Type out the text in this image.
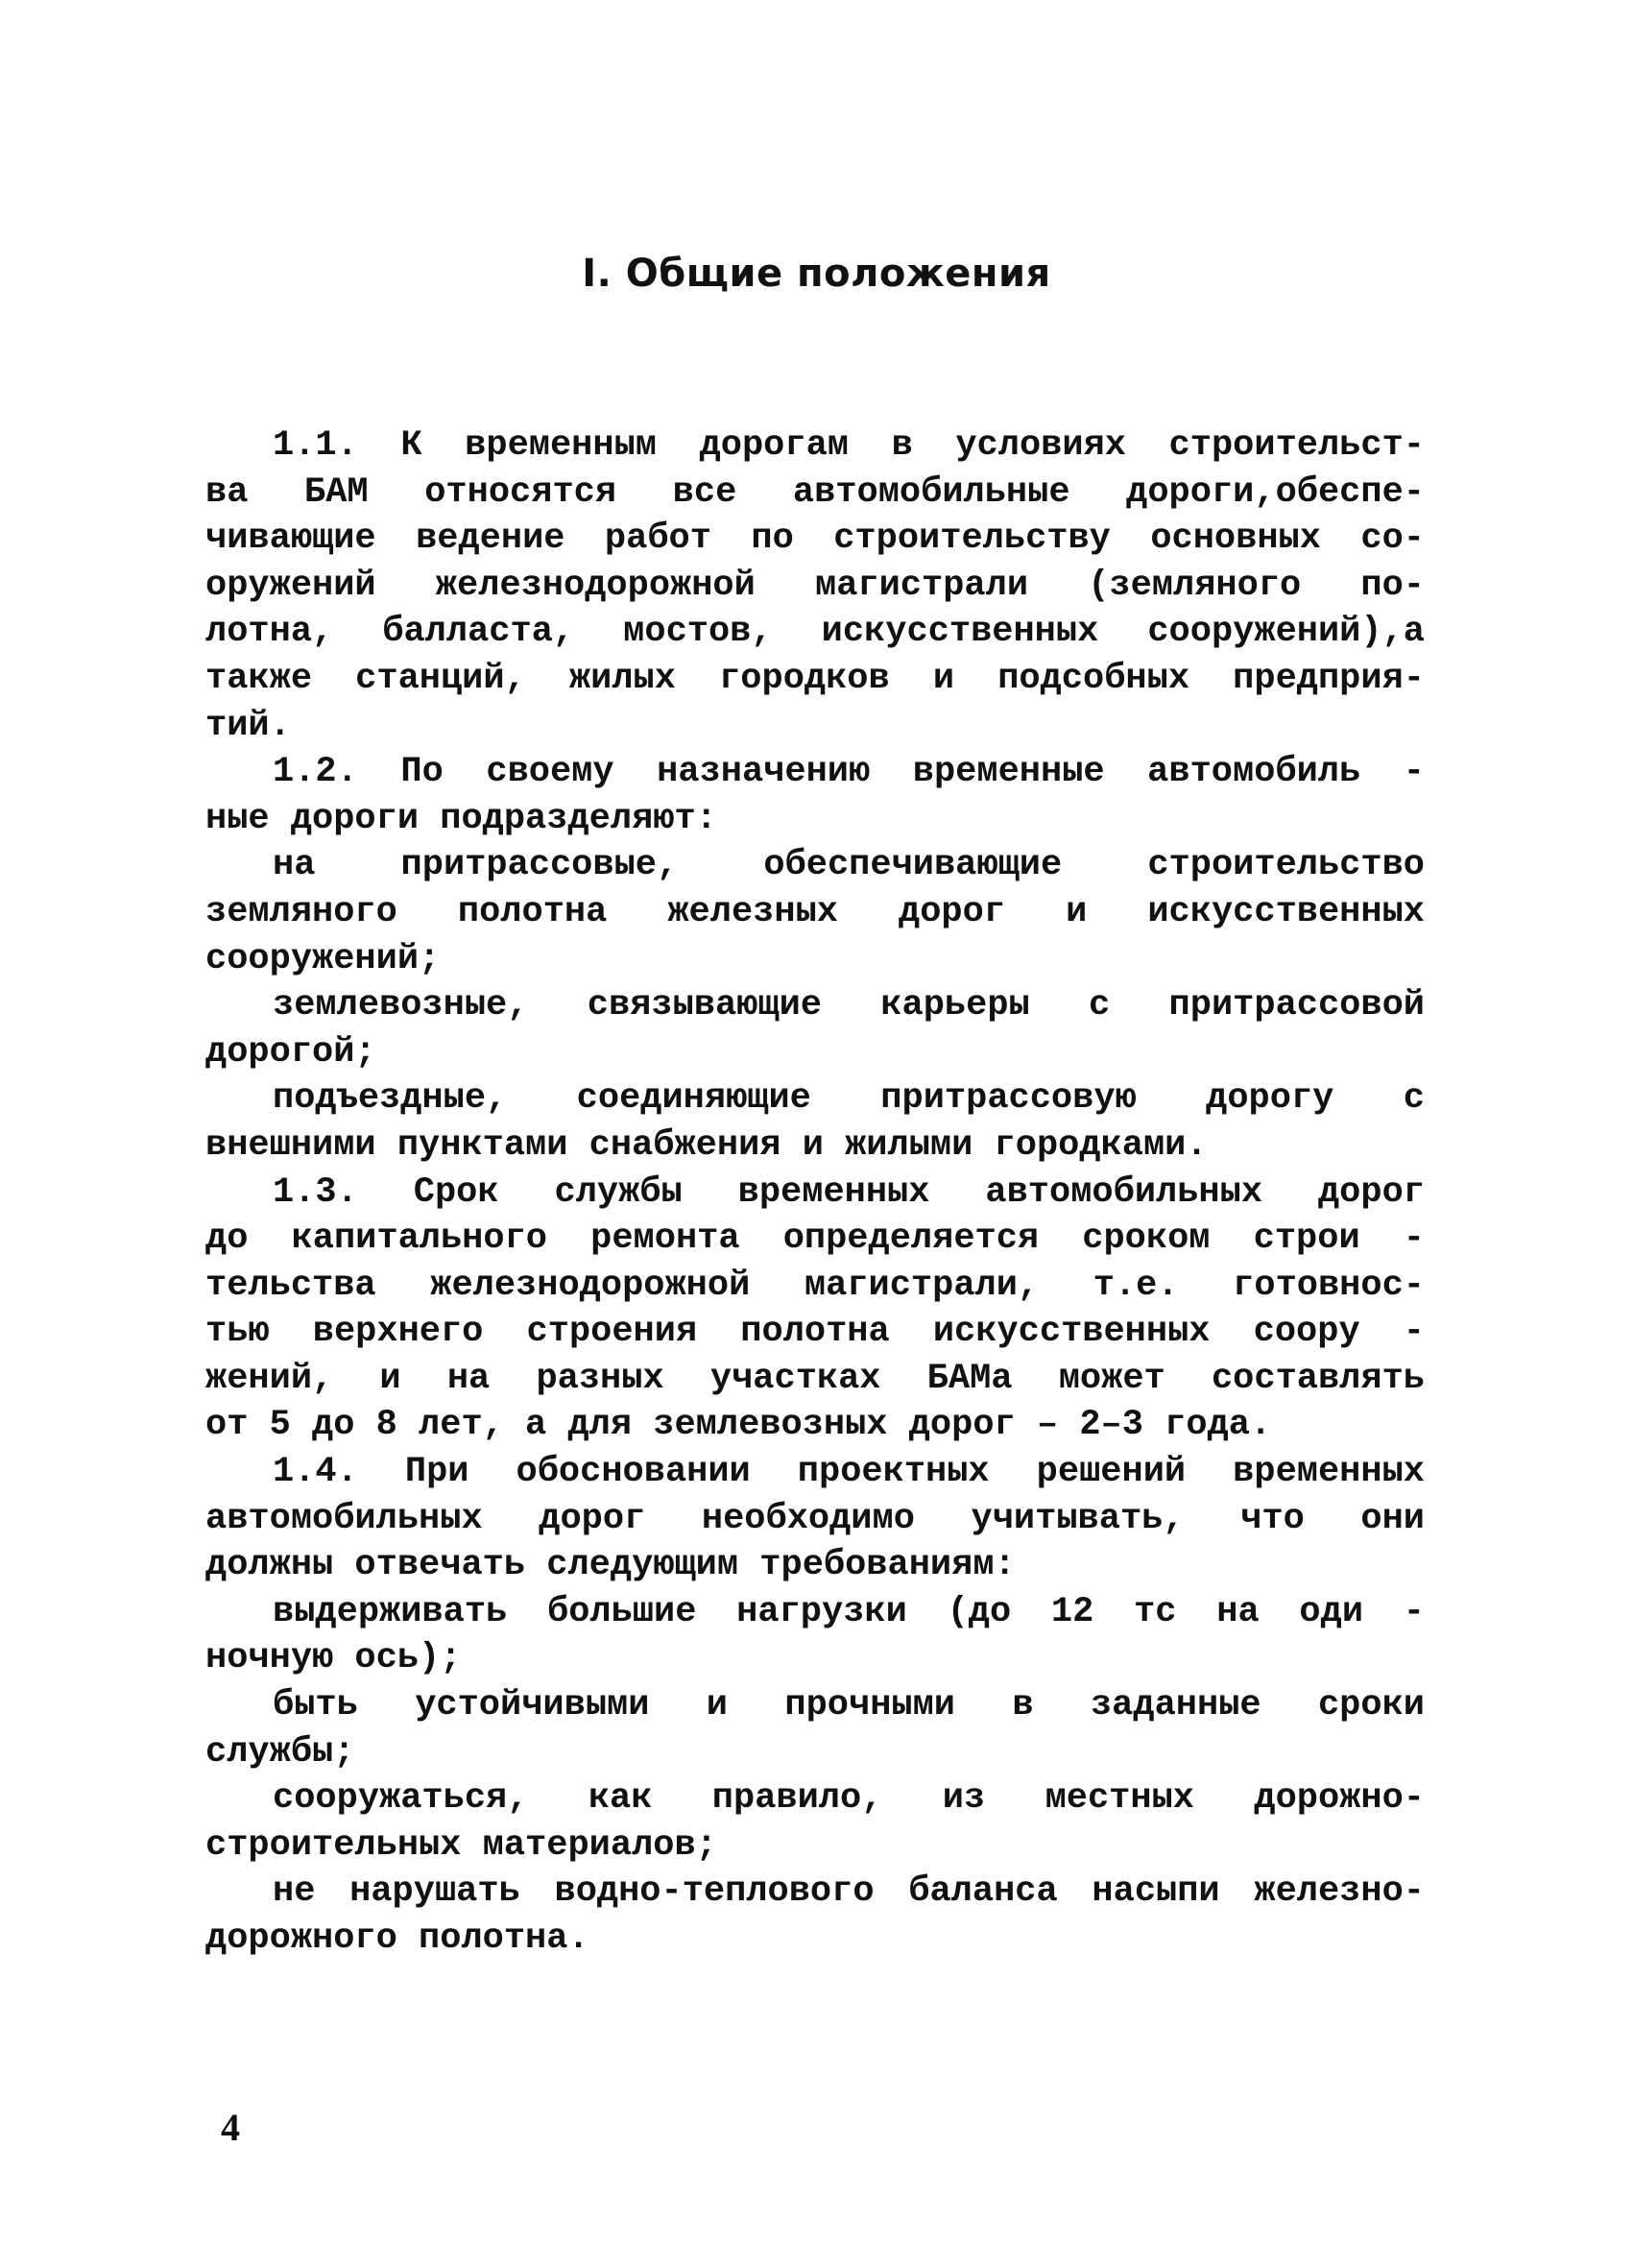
I. Общие положения
1.1. К временным дорогам в условиях строительст-
ва БАМ относятся все автомобильные дороги,обеспе-
чивающие ведение работ по строительству основных со-
оружений железнодорожной магистрали (земляного по-
лотна, балласта, мостов, искусственных сооружений),а
также станций, жилых городков и подсобных предприя-
тий.
1.2. По своему назначению временные автомобиль -
ные дороги подразделяют:
на притрассовые, обеспечивающие строительство
земляного полотна железных дорог и искусственных
сооружений;
землевозные, связывающие карьеры с притрассовой
дорогой;
подъездные, соединяющие притрассовую дорогу с
внешними пунктами снабжения и жилыми городками.
1.3. Срок службы временных автомобильных дорог
до капитального ремонта определяется сроком строи -
тельства железнодорожной магистрали, т.е. готовнос-
тью верхнего строения полотна искусственных соору -
жений, и на разных участках БАМа может составлять
от 5 до 8 лет, а для землевозных дорог – 2–3 года.
1.4. При обосновании проектных решений временных
автомобильных дорог необходимо учитывать, что они
должны отвечать следующим требованиям:
выдерживать большие нагрузки (до 12 тс на оди -
ночную ось);
быть устойчивыми и прочными в заданные сроки
службы;
сооружаться, как правило, из местных дорожно-
строительных материалов;
не нарушать водно-теплового баланса насыпи железно-
дорожного полотна.

4
